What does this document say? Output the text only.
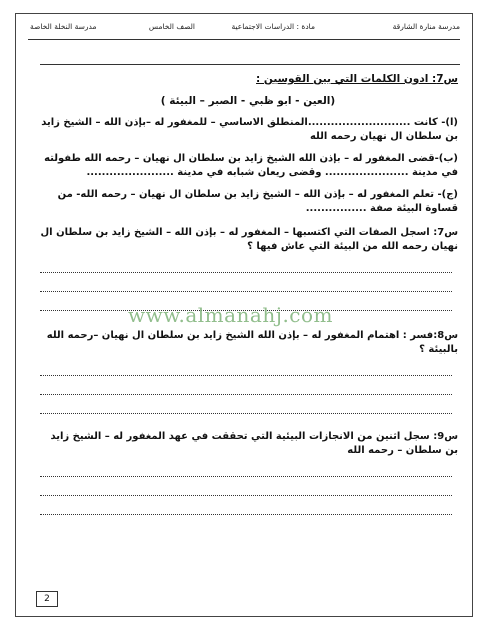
مدرسة منارة الشارقة
مادة : الدراسات الاجتماعية
الصف الخامس
مدرسة النخلة الخاصة
س7: ادون الكلمات التي بين القوسين :
(العين - ابو ظبي - الصبر – البيئة )
(ا)- كانت ...........................المنطلق الاساسي – للمغفور له –بإذن الله – الشيخ زايد بن سلطان ال نهيان رحمه الله
(ب)-قضى المغفور له – بإذن الله الشيخ زايد بن سلطان ال نهيان – رحمه الله طفولته في مدينة ...................... وقضى ريعان شبابه في مدينة .......................
(ج)- تعلم المغفور له – بإذن الله – الشيخ زايد بن سلطان ال نهيان – رحمه الله- من قساوة البيئة صفة ................
س7: اسجل الصفات التي اكتسبها – المغفور له – بإذن الله – الشيخ زايد بن سلطان ال نهيان رحمه الله من البيئة التي عاش فيها ؟
س8:فسر : اهتمام المغفور له – بإذن الله الشيخ زايد بن سلطان ال نهيان –رحمه الله بالبيئة ؟
س9: سجل اثنين من الانجازات البيئية التي تحققت في عهد المغفور له – الشيخ زايد بن سلطان – رحمه الله
www.almanahj.com
2
